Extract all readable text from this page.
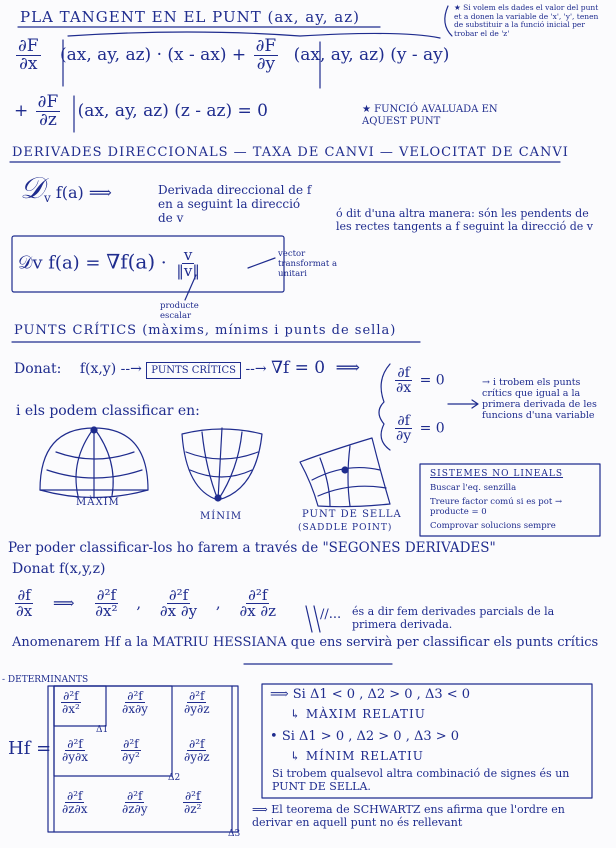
PLA TANGENT EN EL PUNT (ax, ay, az)
★ Si volem els dades el valor del punt et a donen la variable de 'x', 'y', tenen de substituir a la funció inicial per trobar el de 'z'
$\frac{\partial F}{\partial x} (ax$, ay, $az) \cdot (x - ax) + \frac{\partial F}{\partial y} (ax$, ay, az) (y - ay)
+ $\frac{\partial F}{\partial z} (ax$, ay, az) (z - az) = 0	★ FUNCIÓ AVALUADA EN AQUEST PUNT
DERIVADES DIRECCIONALS — TAXA DE CANVI — VELOCITAT DE CANVI
𝒟$_v$ f(a) ⟹	Derivada direccional de f en a seguint la direcció de v	ó dit d'una altra manera: són les pendents de les rectes tangents a f seguint la direcció de v
𝒟v $f(a) = \nabla f(a) \cdot \frac{v}{‖v‖}$	vector transformat a unitari
producte escalar
PUNTS CRÍTICS (màxims, mínims i punts de sella)
Donat: f(x,y) --→ PUNTS CRÍTICS --→ ∇f = 0 ⟹ $\frac{\partial f}{\partial x} = 0$
$\frac{\partial f}{\partial y} = 0$
→ i trobem els punts crítics que igual a la primera derivada de les funcions d'una variable
i els podem classificar en:
MÀXIM
MÍNIM	PUNT DE SELLA
(SADDLE POINT)
SISTEMES NO LINEALS
Buscar l'eq. senzilla
Treure factor comú si es pot → producte = 0
Comprovar solucions sempre
Per poder classificar-los ho farem a través de "SEGONES DERIVADES"
Donat f(x,y,z)
$\frac{\partial f}{\partial x}$ ⟹ $\frac{\text{∂²f}}{\text{∂x²}}$ , $\frac{\text{∂²f}}{\partial x \partial y}$ , $\frac{\text{∂²f}}{\partial x \partial z}$	//... és a dir fem derivades parcials de la primera derivada.
Anomenarem Hf a la MATRIU HESSIANA que ens servirà per classificar els punts crítics
- DETERMINANTS
Hf =
$\frac{\text{∂²f}}{\text{∂x²}}$	$\frac{\text{∂²f}}{\partial x\partial y}$	$\frac{\text{∂²f}}{\partial y\partial z}$
$\frac{\text{∂²f}}{\partial y\partial x}$	$\frac{\text{∂²f}}{\text{∂y²}}$	$\frac{\text{∂²f}}{\partial y\partial z}$
$\frac{\text{∂²f}}{\partial z\partial x}$	$\frac{\text{∂²f}}{\partial z\partial y}$	$\frac{\text{∂²f}}{\text{∂z²}}$
Δ1
Δ2
Δ3
⟹ Si Δ1 < 0 , Δ2 > 0 , Δ3 < 0
↳ MÀXIM RELATIU
• Si Δ1 > 0 , Δ2 > 0 , Δ3 > 0
↳ MÍNIM RELATIU
Si trobem qualsevol altra combinació de signes és un PUNT DE SELLA.
⟹ El teorema de SCHWARTZ ens afirma que l'ordre en derivar en aquell punt no és rellevant
